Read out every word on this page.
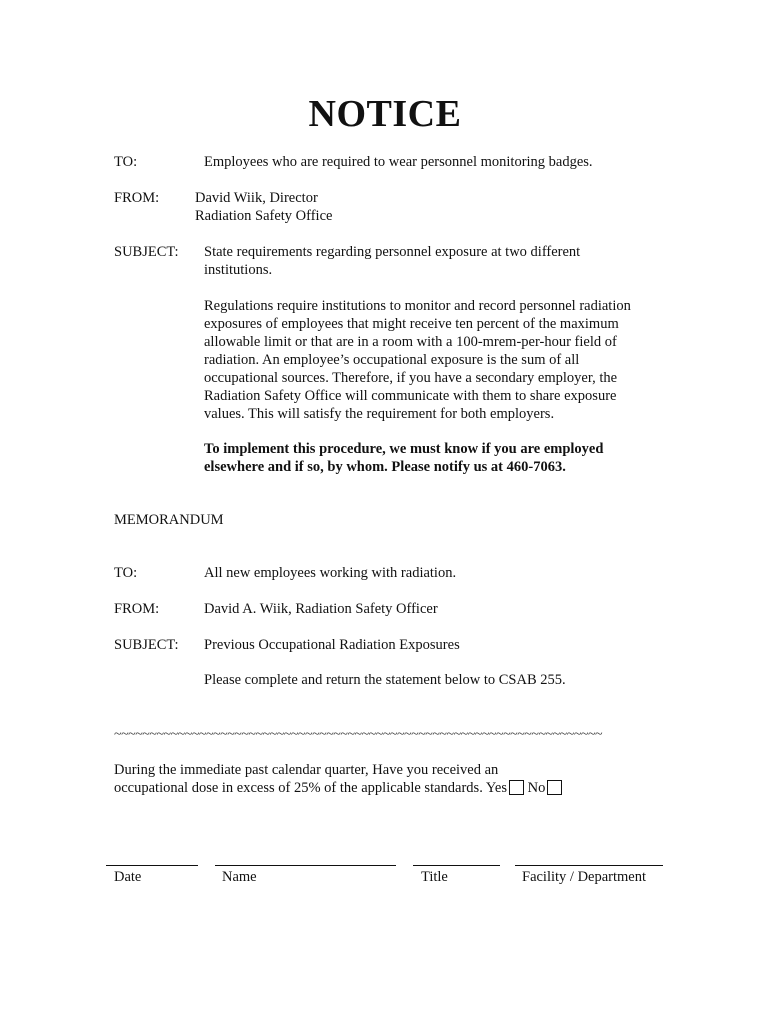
NOTICE
TO:	Employees who are required to wear personnel monitoring badges.
FROM: David Wiik, Director
Radiation Safety Office
SUBJECT: State requirements regarding personnel exposure at two different
institutions.
Regulations require institutions to monitor and record personnel radiation
exposures of employees that might receive ten percent of the maximum
allowable limit or that are in a room with a 100-mrem-per-hour field of
radiation. An employee’s occupational exposure is the sum of all
occupational sources. Therefore, if you have a secondary employer, the
Radiation Safety Office will communicate with them to share exposure
values. This will satisfy the requirement for both employers.
To implement this procedure, we must know if you are employed
elsewhere and if so, by whom. Please notify us at 460-7063.
MEMORANDUM
TO:	All new employees working with radiation.
FROM:	David A. Wiik, Radiation Safety Officer
SUBJECT: Previous Occupational Radiation Exposures
Please complete and return the statement below to CSAB 255.
~~~~~~~~~~~~~~~~~~~~~~~~~~~~~~~~~~~~~~~~~~~~~~~~~~~~~~~~~~~~~~~~~~~~~
During the immediate past calendar quarter, Have you received an
occupational dose in excess of 25% of the applicable standards. Yes No
Date	Name	Title	Facility / Department
